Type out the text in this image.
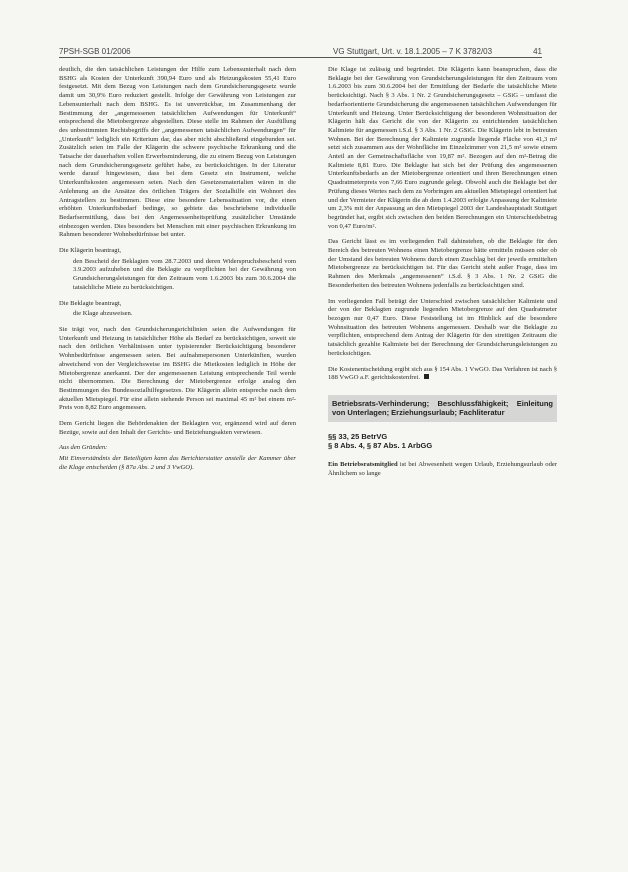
7PSH-SGB 01/2006	VG Stuttgart, Urt. v. 18.1.2005 – 7 K 3782/03	41

deutlich, die den tatsächlichen Leistungen der Hilfe zum Lebensunterhalt nach dem BSHG als Kosten der Unterkunft 390,94 Euro und als Heizungskosten 55,41 Euro festgesetzt. Mit dem Bezug von Leistungen nach dem Grundsicherungsgesetz wurde damit um 30,9% Euro reduziert gestellt. Infolge der Gewährung von Leistungen zur Lebensunterhalt nach dem BSHG. Es ist unverrückbar, im Zusammenhang der Bestimmung der „angemessenen tatsächlichen Aufwendungen für Unterkunft“ entsprechend die Mietobergrenze abgestellten. Diese stelle im Rahmen der Ausfüllung des unbestimmten Rechtsbegriffs der „angemessenen tatsächlichen Aufwendungen“ für „Unterkunft“ lediglich ein Kriterium dar, das aber nicht abschließend eingebunden sei. Zusätzlich seien im Falle der Klägerin die schwere psychische Erkrankung und die Tatsache der dauerhaften vollen Erwerbsminderung, die zu einem Bezug von Leistungen nach dem Grundsicherungsgesetz geführt habe, zu berücksichtigen. In der Literatur werde darauf hingewiesen, dass bei dem Gesetz ein Instrument, welche Unterkunftskosten angemessen seien. Nach den Gesetzesmaterialien wären in die Anlehnung an die Ansätze des örtlichen Trägers der Sozialhilfe ein Wohnort des Antragstellers zu bestimmen. Diese eine besondere Lebenssituation vor, die einen erhöhten Unterkunftsbedarf bedinge, so gebiete das beschriebene individuelle Bedarfsermittlung, dass bei den Angemessenheitsprüfung zusätzlicher Umstände einbezogen werden. Dies besonders bei Menschen mit einer psychischen Erkrankung im Rahmen besonderer Wohnbedürfnisse bei unter.

Die Klägerin beantragt,

den Bescheid der Beklagten vom 28.7.2003 und deren Widerspruchsbescheid vom 3.9.2003 aufzuheben und die Beklagte zu verpflichten bei der Gewährung von Grundsicherungsleistungen für den Zeitraum vom 1.6.2003 bis zum 30.6.2004 die tatsächliche Miete zu berücksichtigen.

Die Beklagte beantragt,

die Klage abzuweisen.

Sie trägt vor, nach den Grundsicherungsrichtlinien seien die Aufwendungen für Unterkunft und Heizung in tatsächlicher Höhe als Bedarf zu berücksichtigen, soweit sie nach den örtlichen Verhältnissen unter typisierender Berücksichtigung besonderer Wohnbedürfnisse angemessen seien. Bei aufnahmepersonen Unterkünften, wurden abweichend von der Vergleichsweise im BSHG die Mietkosten lediglich in Höhe der Mietobergrenze anerkannt. Der der angemessenen Leistung entsprechende Teil werde nicht übernommen. Die Berechnung der Mietobergrenze erfolge analog den Bestimmungen des Bundessozialhilfegesetzes. Die Klägerin allein entspreche nach dem aktuellen Mietspiegel. Für eine allein stehende Person sei maximal 45 m² bei einem m²-Preis von 8,82 Euro angemessen.

Dem Gericht liegen die Behördenakten der Beklagten vor, ergänzend wird auf deren Bezüge, sowie auf den Inhalt der Gerichts- und Beiziehungsakten verwiesen.

Aus den Gründen:

Mit Einverständnis der Beteiligten kann das Berichterstatter anstelle der Kammer über die Klage entscheiden (§ 87a Abs. 2 und 3 VwGO).

Die Klage ist zulässig und begründet. Die Klägerin kann beanspruchen, dass die Beklagte bei der Gewährung von Grundsicherungsleistungen für den Zeitraum vom 1.6.2003 bis zum 30.6.2004 bei der Ermittlung der Bedarfe die tatsächliche Miete berücksichtigt. Nach § 3 Abs. 1 Nr. 2 Grundsicherungsgesetz – GSiG – umfasst die bedarfsorientierte Grundsicherung die angemessenen tatsächlichen Aufwendungen für Unterkunft und Heizung. Unter Berücksichtigung der besonderen Wohnsituation der Klägerin hält das Gericht die von der Klägerin zu entrichtenden tatsächlichen Kaltmiete für angemessen i.S.d. § 3 Abs. 1 Nr. 2 GSiG. Die Klägerin lebt in betreuten Wohnen. Bei der Berechnung der Kaltmiete zugrunde liegende Fläche von 41,3 m² setzt sich zusammen aus der Wohnfläche im Einzelzimmer von 21,5 m² sowie einem Anteil an der Gemeinschaftsfläche von 19,87 m². Bezogen auf den m²-Betrag die Kaltmiete 8,81 Euro. Die Beklagte hat sich bei der Prüfung des angemessenen Unterkunftsbedarfs an der Mietobergrenze orientiert und ihren Berechnungen einen Quadratmeterpreis von 7,66 Euro zugrunde gelegt. Obwohl auch die Beklagte bei der Prüfung dieses Wertes nach dem zu Vorbringen am aktuellen Mietspiegel orientiert hat und der Vermieter der Klägerin die ab dem 1.4.2003 erfolgte Anpassung der Kaltmiete um 2,3% mit der Anpassung an den Mietspiegel 2003 der Landeshauptstadt Stuttgart begründet hat, ergibt sich zwischen den beiden Berechnungen ein Unterschiedsbetrag von 0,47 Euro/m².

Das Gericht lässt es im vorliegenden Fall dahinstehen, ob die Beklagte für den Bereich des betreuten Wohnens einen Mietobergrenze hätte ermitteln müssen oder ob der Umstand des betreuten Wohnens durch einen Zuschlag bei der jeweils ermittelten Mietobergrenze zu berücksichtigen ist. Für das Gericht steht außer Frage, dass im Rahmen des Merkmals „angemessenen“ i.S.d. § 3 Abs. 1 Nr. 2 GSiG die Besonderheiten des betreuten Wohnens jedenfalls zu berücksichtigen sind.

Im vorliegenden Fall beträgt der Unterschied zwischen tatsächlicher Kaltmiete und der von der Beklagten zugrunde liegenden Mietobergrenze auf den Quadratmeter bezogen nur 0,47 Euro. Diese Feststellung ist im Hinblick auf die besondere Wohnsituation des betreuten Wohnens angemessen. Deshalb war die Beklagte zu verpflichten, entsprechend dem Antrag der Klägerin für den streitigen Zeitraum die tatsächlich gezahlte Kaltmiete bei der Berechnung der Grundsicherungsleistungen zu berücksichtigen.

Die Kostenentscheidung ergibt sich aus § 154 Abs. 1 VwGO. Das Verfahren ist nach § 188 VwGO a.F. gerichtskostenfrei.

Betriebsrats-Verhinderung; Beschlussfähigkeit; Einleitung von Unterlagen; Erziehungsurlaub; Fachliteratur
§§ 33, 25 BetrVG
§ 8 Abs. 4, § 87 Abs. 1 ArbGG

Ein Betriebsratsmitglied ist bei Abwesenheit wegen Urlaub, Erziehungsurlaub oder Ähnlichem so lange
